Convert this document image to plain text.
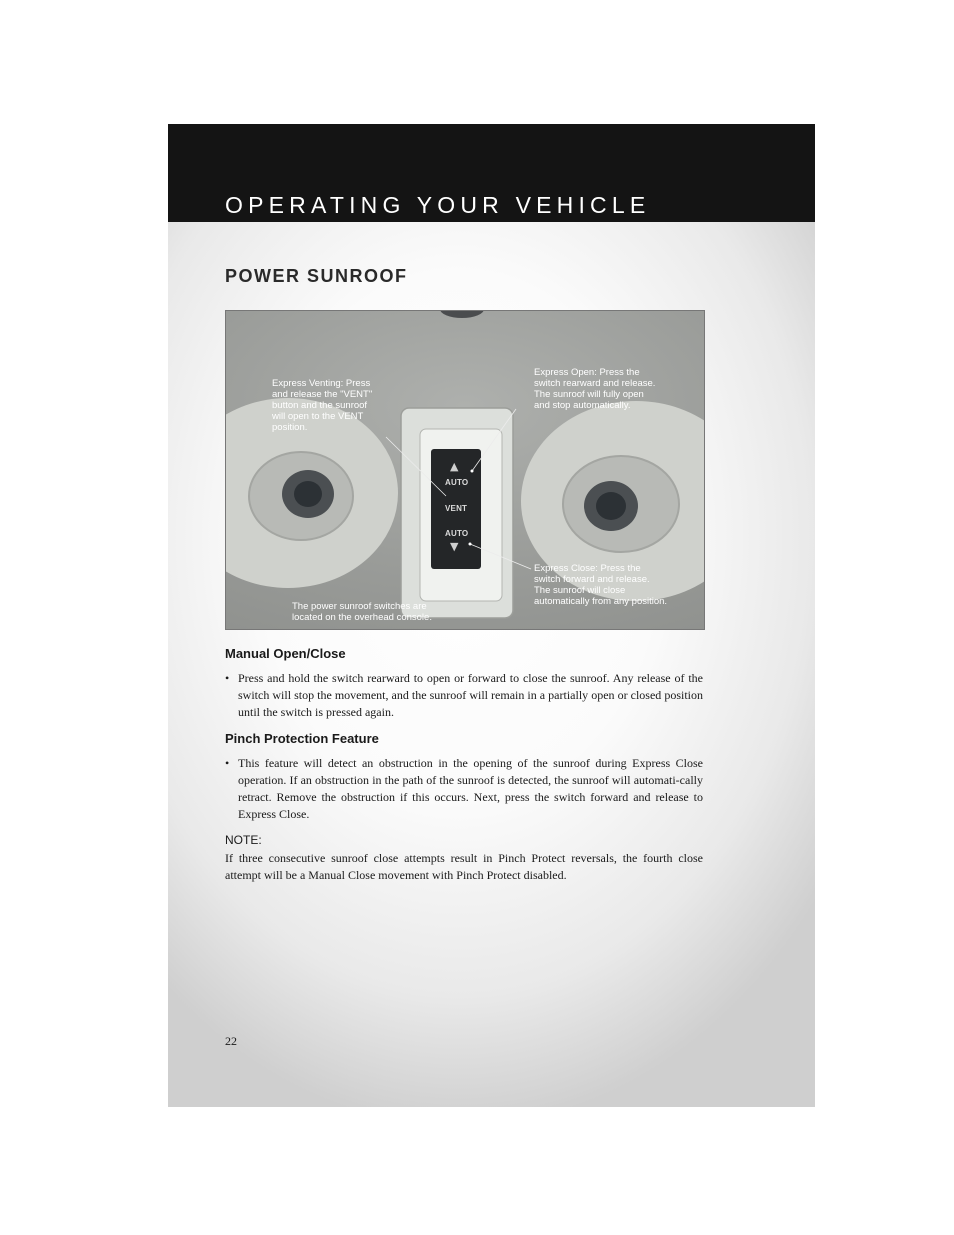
OPERATING YOUR VEHICLE
POWER SUNROOF
▲
AUTO
VENT
AUTO
▼
Express Venting: Press
and release the "VENT"
button and the sunroof
will open to the VENT
position.
Express Open: Press the
switch rearward and release.
The sunroof will fully open
and stop automatically.
Express Close: Press the
switch forward and release.
The sunroof will close
automatically from any position.
The power sunroof switches are
located on the overhead console.
Manual Open/Close
• Press and hold the switch rearward to open or forward to close the sunroof. Any release of the switch will stop the movement, and the sunroof will remain in a partially open or closed position until the switch is pressed again.
Pinch Protection Feature
• This feature will detect an obstruction in the opening of the sunroof during Express Close operation. If an obstruction in the path of the sunroof is detected, the sunroof will automati-cally retract. Remove the obstruction if this occurs. Next, press the switch forward and release to Express Close.
NOTE:
If three consecutive sunroof close attempts result in Pinch Protect reversals, the fourth close attempt will be a Manual Close movement with Pinch Protect disabled.
22
